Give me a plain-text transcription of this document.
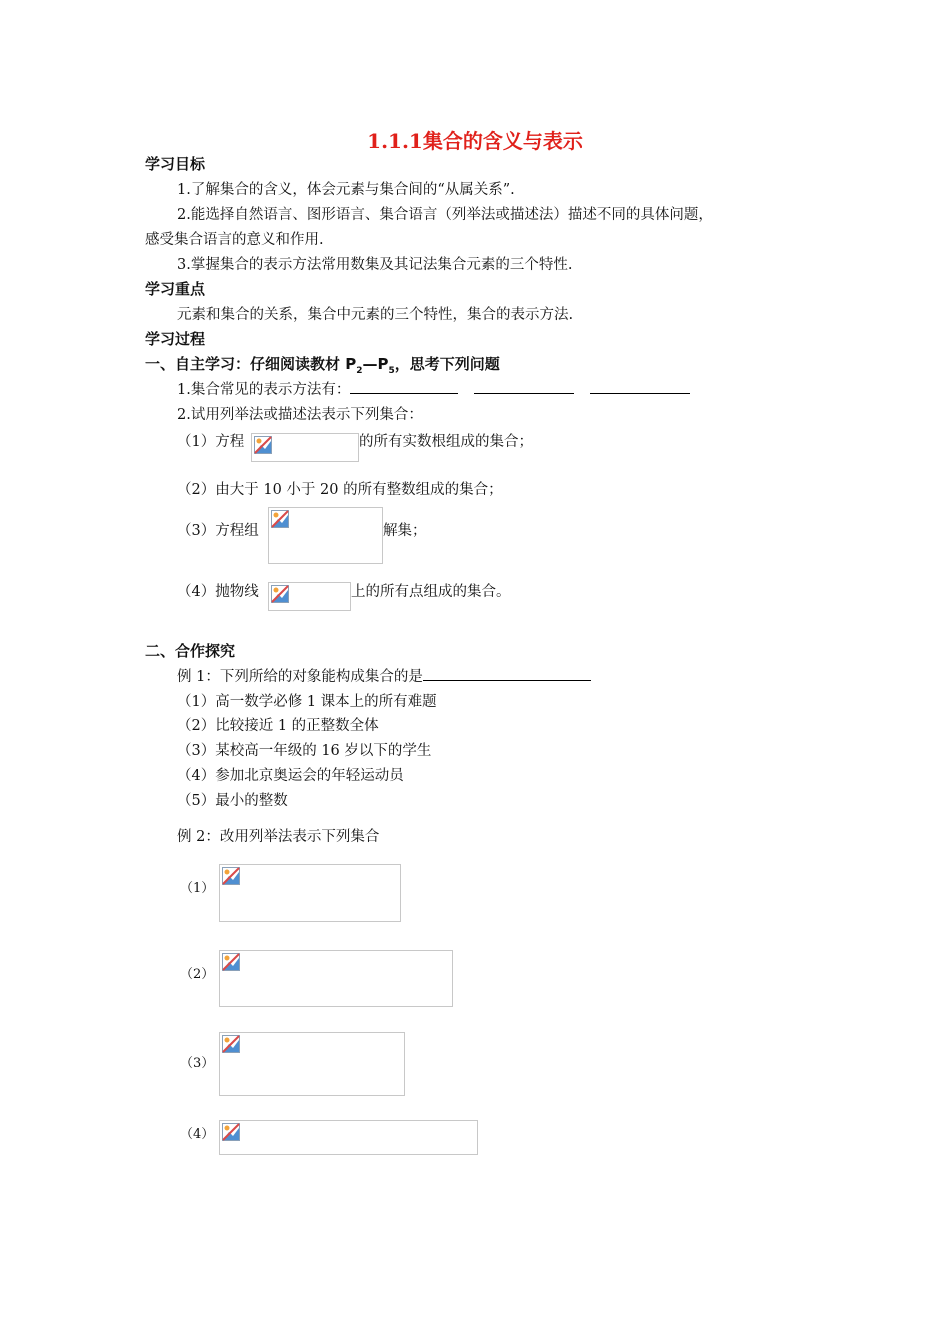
1.1.1集合的含义与表示
学习目标
1.了解集合的含义，体会元素与集合间的“从属关系”.
2.能选择自然语言、图形语言、集合语言（列举法或描述法）描述不同的具体问题，
感受集合语言的意义和作用.
3.掌握集合的表示方法常用数集及其记法集合元素的三个特性.
学习重点
元素和集合的关系，集合中元素的三个特性，集合的表示方法.
学习过程
一、自主学习：仔细阅读教材 $P_2—P_5$，思考下列问题
1.集合常见的表示方法有：
2.试用列举法或描述法表示下列集合：
（1）方程	的所有实数根组成的集合；
（2）由大于 10 小于 20 的所有整数组成的集合；
（3）方程组	解集；
（4）抛物线	上的所有点组成的集合。
二、合作探究
例 1：下列所给的对象能构成集合的是
（1）高一数学必修 1 课本上的所有难题
（2）比较接近 1 的正整数全体
（3）某校高一年级的 16 岁以下的学生
（4）参加北京奥运会的年轻运动员
（5）最小的整数
例 2：改用列举法表示下列集合
（1）
（2）
（3）
（4）
